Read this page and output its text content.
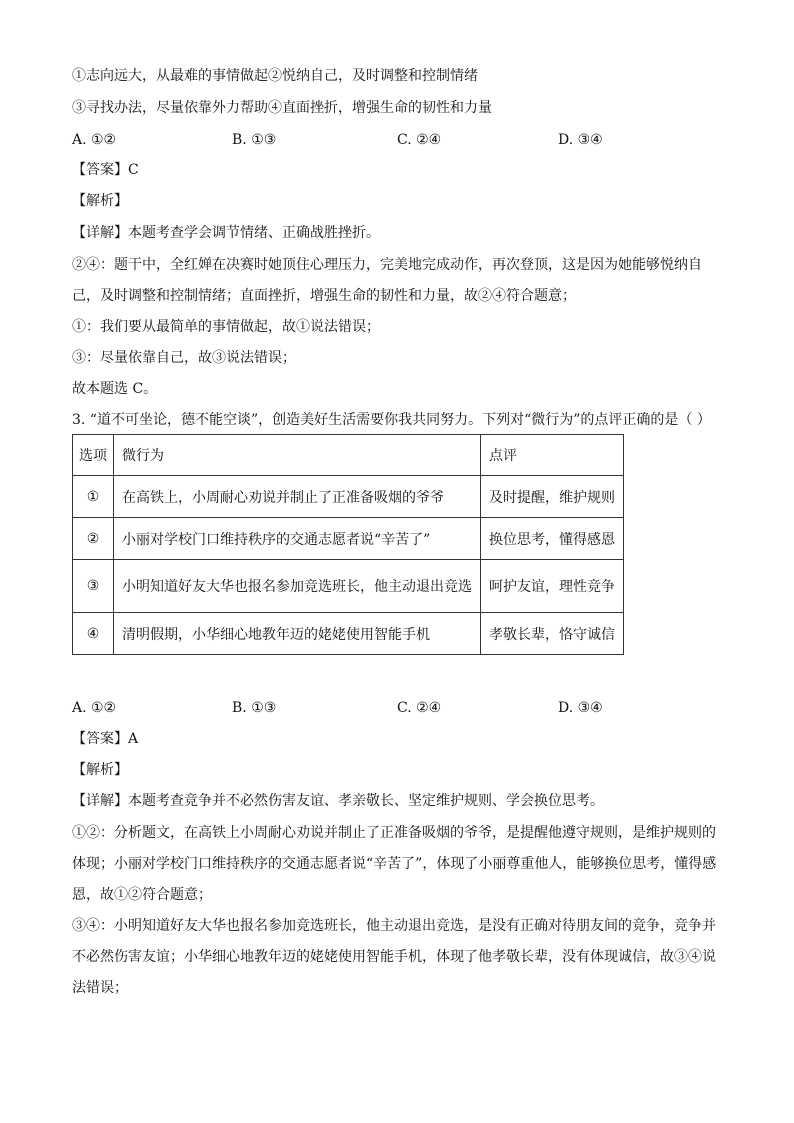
①志向远大，从最难的事情做起②悦纳自己，及时调整和控制情绪
③寻找办法，尽量依靠外力帮助④直面挫折，增强生命的韧性和力量
A. ①②	B. ①③	C. ②④	D. ③④
【答案】C
【解析】
【详解】本题考查学会调节情绪、正确战胜挫折。
②④：题干中，全红婵在决赛时她顶住心理压力，完美地完成动作，再次登顶，这是因为她能够悦纳自
己，及时调整和控制情绪；直面挫折，增强生命的韧性和力量，故②④符合题意；
①：我们要从最简单的事情做起，故①说法错误；
③：尽量依靠自己，故③说法错误；
故本题选 C。
3. “道不可坐论，德不能空谈”，创造美好生活需要你我共同努力。下列对“微行为”的点评正确的是（ ）
选项	微行为	点评
①	在高铁上，小周耐心劝说并制止了正准备吸烟的爷爷	及时提醒，维护规则
②	小丽对学校门口维持秩序的交通志愿者说“辛苦了”	换位思考，懂得感恩
③	小明知道好友大华也报名参加竞选班长，他主动退出竞选	呵护友谊，理性竞争
④	清明假期，小华细心地教年迈的姥姥使用智能手机	孝敬长辈，恪守诚信
A. ①②	B. ①③	C. ②④	D. ③④
【答案】A
【解析】
【详解】本题考查竞争并不必然伤害友谊、孝亲敬长、坚定维护规则、学会换位思考。
①②：分析题文，在高铁上小周耐心劝说并制止了正准备吸烟的爷爷，是提醒他遵守规则，是维护规则的
体现；小丽对学校门口维持秩序的交通志愿者说“辛苦了”，体现了小丽尊重他人，能够换位思考，懂得感
恩，故①②符合题意；
③④：小明知道好友大华也报名参加竞选班长，他主动退出竞选，是没有正确对待朋友间的竞争，竞争并
不必然伤害友谊；小华细心地教年迈的姥姥使用智能手机，体现了他孝敬长辈，没有体现诚信，故③④说
法错误；
